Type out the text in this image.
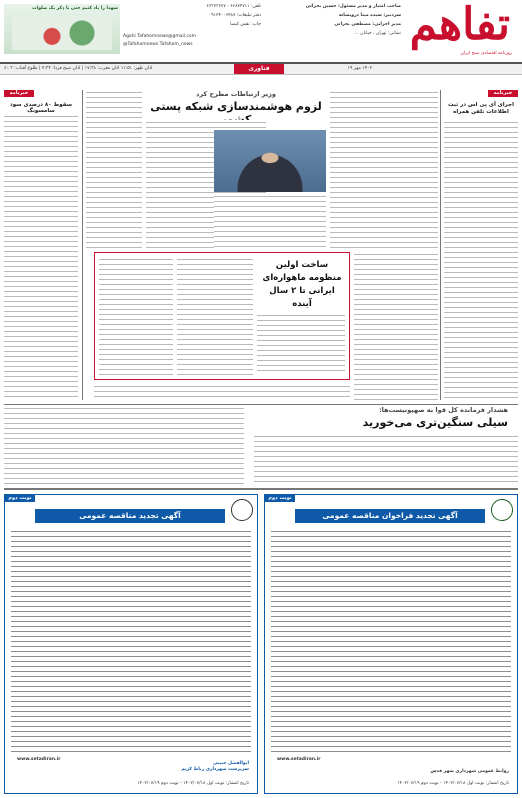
تفاهم
روزنامه اقتصادی صبح ایران
صاحب امتیاز و مدیر مسئول: حسین بحرانی
سردبیر: سیده مینا درویشانه
مدیر اجرایی: مصطفی بحرانی
نشانی: تهران ، خیابان ...
تلفن: ۶۶۸۷۴۷۱۱ - ۶۶۳۷۳۶۷۷
دفتر تبلیغات: ۰۹۱۲۴۰۰۶۴۸۷
چاپ: نقش کیمیا
Agahi Tafahomnews@gmail.com
@Tafahomnews Tafahom_news
شهدا را یاد کنیم حتی با ذکر یک صلوات
اذان ظهر: ۱۱:۵۱ اذان مغرب: ۱۷:۳۸ | اذان صبح فردا: ۴:۳۴ | طلوع آفتاب: ۶:۰۳	فناوری	۱۴۰۲ مهر ۱۹
خبرنامه
سقوط ۸۰ درصدی سود سامسونگ
خبرنامه
اجرای آی پی اس در ثبت اطلاعات تلفن همراه
وزیر ارتباطات مطرح کرد
لزوم هوشمندسازی شبکه پستی
ساخت اولین منظومه ماهواره‌ای ایرانی تا ۲ سال آینده
هشدار فرمانده کل قوا به صهیونیست‌ها:
سیلی سنگین‌تری می‌خورید
نوبت دوم
آگهی تجدید فراخوان مناقصه عمومی
www.setadiran.ir
روابط عمومی شهرداری شهر قدس
تاریخ انتشار: نوبت اول ۱۴۰۲/۰۷/۱۸ - نوبت دوم ۱۴۰۲/۰۷/۱۹
نوبت دوم
آگهی تجدید مناقصه عمومی
www.setadiran.ir
ابوالفضل حبیبی
سرپرست شهرداری رباط کریم
تاریخ انتشار: نوبت اول ۱۴۰۲/۰۷/۱۸ - نوبت دوم ۱۴۰۲/۰۷/۱۹
